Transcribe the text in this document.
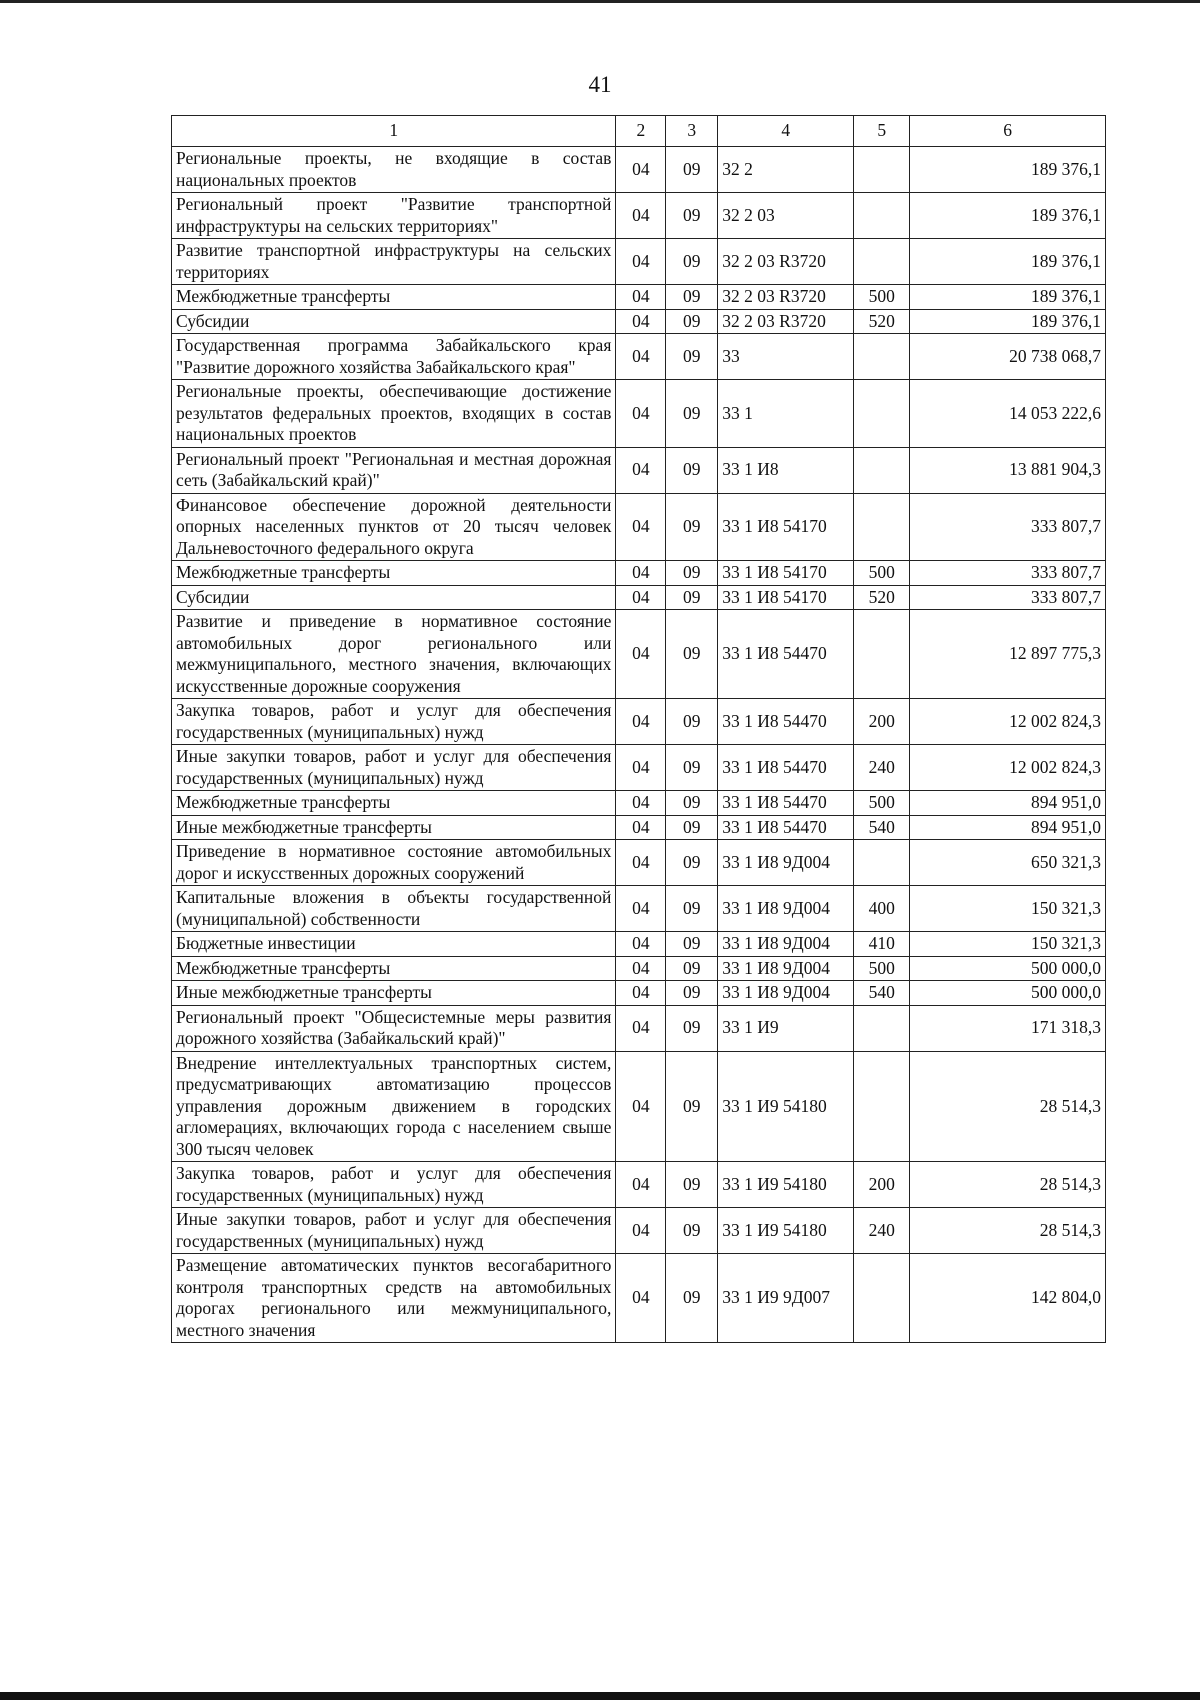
41
1	2	3	4	5	6
Региональные проекты, не входящие в состав национальных проектов	04	09	32 2		189 376,1
Региональный проект "Развитие транспортной инфраструктуры на сельских территориях"	04	09	32 2 03		189 376,1
Развитие транспортной инфраструктуры на сельских территориях	04	09	32 2 03 R3720		189 376,1
Межбюджетные трансферты	04	09	32 2 03 R3720	500	189 376,1
Субсидии	04	09	32 2 03 R3720	520	189 376,1
Государственная программа Забайкальского края "Развитие дорожного хозяйства Забайкальского края"	04	09	33		20 738 068,7
Региональные проекты, обеспечивающие достижение результатов федеральных проектов, входящих в состав национальных проектов	04	09	33 1		14 053 222,6
Региональный проект "Региональная и местная дорожная сеть (Забайкальский край)"	04	09	33 1 И8		13 881 904,3
Финансовое обеспечение дорожной деятельности опорных населенных пунктов от 20 тысяч человек Дальневосточного федерального округа	04	09	33 1 И8 54170		333 807,7
Межбюджетные трансферты	04	09	33 1 И8 54170	500	333 807,7
Субсидии	04	09	33 1 И8 54170	520	333 807,7
Развитие и приведение в нормативное состояние автомобильных дорог регионального или межмуниципального, местного значения, включающих искусственные дорожные сооружения	04	09	33 1 И8 54470		12 897 775,3
Закупка товаров, работ и услуг для обеспечения государственных (муниципальных) нужд	04	09	33 1 И8 54470	200	12 002 824,3
Иные закупки товаров, работ и услуг для обеспечения государственных (муниципальных) нужд	04	09	33 1 И8 54470	240	12 002 824,3
Межбюджетные трансферты	04	09	33 1 И8 54470	500	894 951,0
Иные межбюджетные трансферты	04	09	33 1 И8 54470	540	894 951,0
Приведение в нормативное состояние автомобильных дорог и искусственных дорожных сооружений	04	09	33 1 И8 9Д004		650 321,3
Капитальные вложения в объекты государственной (муниципальной) собственности	04	09	33 1 И8 9Д004	400	150 321,3
Бюджетные инвестиции	04	09	33 1 И8 9Д004	410	150 321,3
Межбюджетные трансферты	04	09	33 1 И8 9Д004	500	500 000,0
Иные межбюджетные трансферты	04	09	33 1 И8 9Д004	540	500 000,0
Региональный проект "Общесистемные меры развития дорожного хозяйства (Забайкальский край)"	04	09	33 1 И9		171 318,3
Внедрение интеллектуальных транспортных систем, предусматривающих автоматизацию процессов управления дорожным движением в городских агломерациях, включающих города с населением свыше 300 тысяч человек	04	09	33 1 И9 54180		28 514,3
Закупка товаров, работ и услуг для обеспечения государственных (муниципальных) нужд	04	09	33 1 И9 54180	200	28 514,3
Иные закупки товаров, работ и услуг для обеспечения государственных (муниципальных) нужд	04	09	33 1 И9 54180	240	28 514,3
Размещение автоматических пунктов весогабаритного контроля транспортных средств на автомобильных дорогах регионального или межмуниципального, местного значения	04	09	33 1 И9 9Д007		142 804,0
